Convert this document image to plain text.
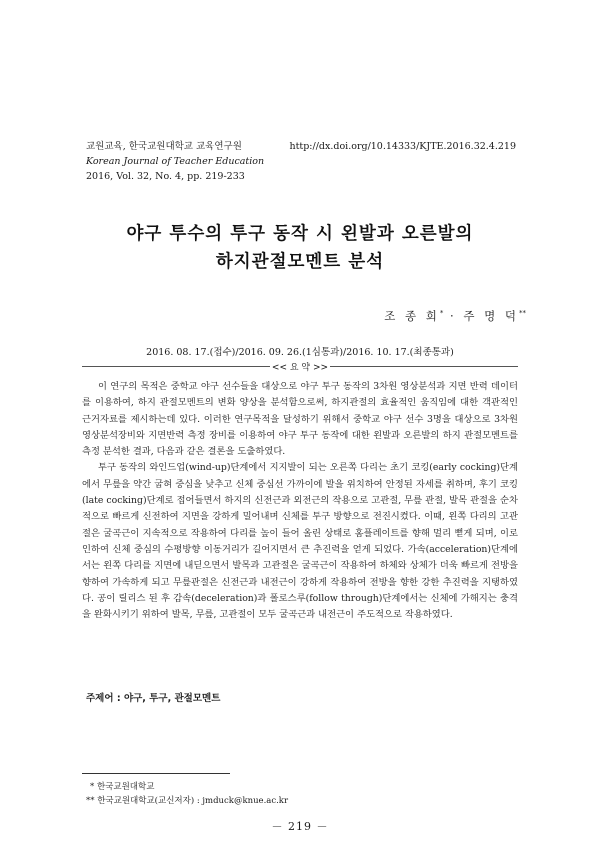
교원교육, 한국교원대학교 교육연구원
Korean Journal of Teacher Education
2016, Vol. 32, No. 4, pp. 219-233
http://dx.doi.org/10.14333/KJTE.2016.32.4.219
야구 투수의 투구 동작 시 왼발과 오른발의
하지관절모멘트 분석
조 종 희* · 주 명 덕**
2016. 08. 17.(접수)/2016. 09. 26.(1심통과)/2016. 10. 17.(최종통과)
<< 요 약 >>

이 연구의 목적은 중학교 야구 선수들을 대상으로 야구 투구 동작의 3차원 영상분석과 지면 반력 데이터를 이용하여, 하지 관절모멘트의 변화 양상을 분석함으로써, 하지관절의 효율적인 움직임에 대한 객관적인 근거자료를 제시하는데 있다. 이러한 연구목적을 달성하기 위해서 중학교 야구 선수 3명을 대상으로 3차원 영상분석장비와 지면반력 측정 장비를 이용하여 야구 투구 동작에 대한 왼발과 오른발의 하지 관절모멘트를 측정 분석한 결과, 다음과 같은 결론을 도출하였다.

투구 동작의 와인드업(wind-up)단계에서 지지발이 되는 오른쪽 다리는 초기 코킹(early cocking)단계에서 무릎을 약간 굽혀 중심을 낮추고 신체 중심선 가까이에 발을 위치하여 안정된 자세를 취하며, 후기 코킹(late cocking)단계로 접어들면서 하지의 신전근과 외전근의 작용으로 고관절, 무릎 관절, 발목 관절을 순차적으로 빠르게 신전하여 지면을 강하게 밀어내며 신체를 투구 방향으로 전진시켰다. 이때, 왼쪽 다리의 고관절은 굴곡근이 지속적으로 작용하여 다리를 높이 들어 올린 상태로 홈플레이트를 향해 멀리 뻗게 되며, 이로 인하여 신체 중심의 수평방향 이동거리가 길어지면서 큰 추진력을 얻게 되었다. 가속(acceleration)단계에서는 왼쪽 다리를 지면에 내딛으면서 발목과 고관절은 굴곡근이 작용하여 하체와 상체가 더욱 빠르게 전방을 향하여 가속하게 되고 무릎관절은 신전근과 내전근이 강하게 작용하여 전방을 향한 강한 추진력을 지탱하였다. 공이 릴리스 된 후 감속(deceleration)과 폴로스루(follow through)단계에서는 신체에 가해지는 충격을 완화시키기 위하여 발목, 무릎, 고관절이 모두 굴곡근과 내전근이 주도적으로 작용하였다.

주제어 : 야구, 투구, 관절모멘트
* 한국교원대학교
** 한국교원대학교(교신저자) : jmduck@knue.ac.kr
－ 219 －
